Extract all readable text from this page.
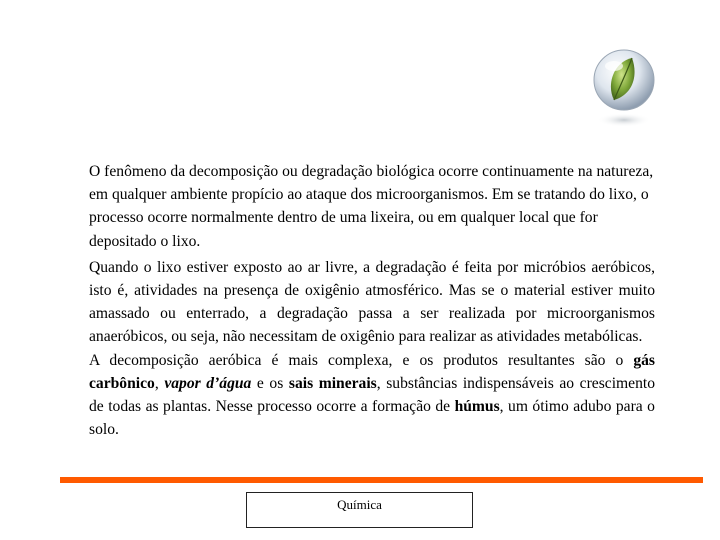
O fenômeno da decomposição ou degradação biológica ocorre continuamente na natureza, em qualquer ambiente propício ao ataque dos microorganismos. Em se tratando do lixo, o processo ocorre normalmente dentro de uma lixeira, ou em qualquer local que for depositado o lixo.

Quando o lixo estiver exposto ao ar livre, a degradação é feita por micróbios aeróbicos, isto é, atividades na presença de oxigênio atmosférico. Mas se o material estiver muito amassado ou enterrado, a degradação passa a ser realizada por microorganismos anaeróbicos, ou seja, não necessitam de oxigênio para realizar as atividades metabólicas.

A decomposição aeróbica é mais complexa, e os produtos resultantes são o gás carbônico, vapor d’água e os sais minerais, substâncias indispensáveis ao crescimento de todas as plantas. Nesse processo ocorre a formação de húmus, um ótimo adubo para o solo.

Química
